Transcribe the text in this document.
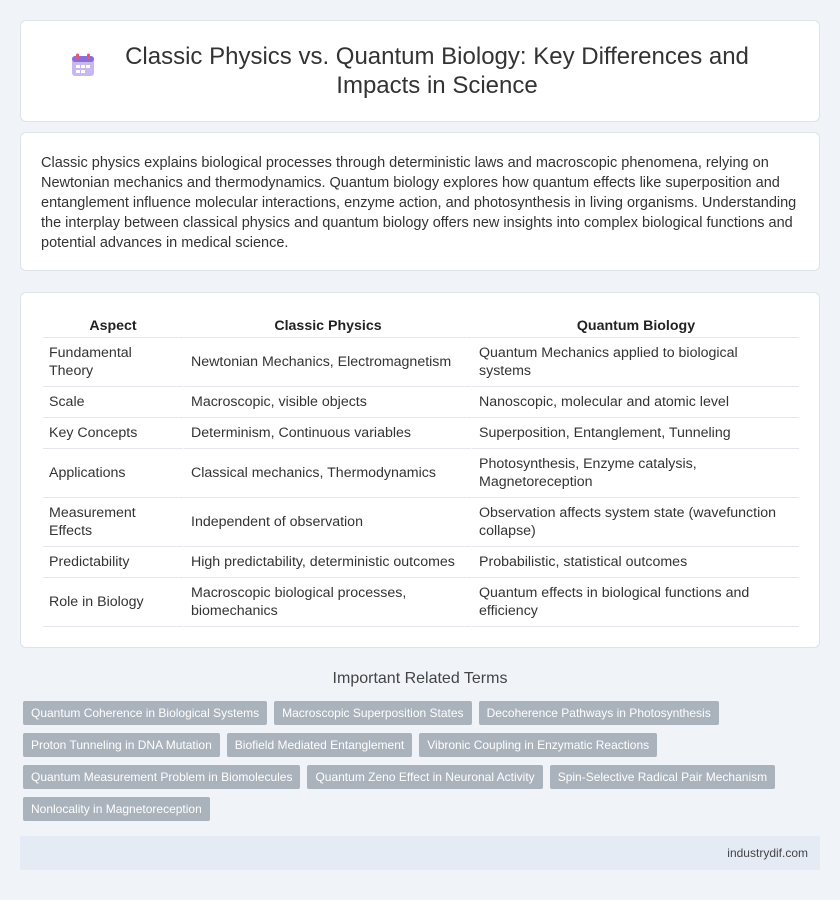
Classic Physics vs. Quantum Biology: Key Differences and Impacts in Science

Classic physics explains biological processes through deterministic laws and macroscopic phenomena, relying on Newtonian mechanics and thermodynamics. Quantum biology explores how quantum effects like superposition and entanglement influence molecular interactions, enzyme action, and photosynthesis in living organisms. Understanding the interplay between classical physics and quantum biology offers new insights into complex biological functions and potential advances in medical science.

Aspect	Classic Physics	Quantum Biology
Fundamental Theory	Newtonian Mechanics, Electromagnetism	Quantum Mechanics applied to biological systems
Scale	Macroscopic, visible objects	Nanoscopic, molecular and atomic level
Key Concepts	Determinism, Continuous variables	Superposition, Entanglement, Tunneling
Applications	Classical mechanics, Thermodynamics	Photosynthesis, Enzyme catalysis, Magnetoreception
Measurement Effects	Independent of observation	Observation affects system state (wavefunction collapse)
Predictability	High predictability, deterministic outcomes	Probabilistic, statistical outcomes
Role in Biology	Macroscopic biological processes, biomechanics	Quantum effects in biological functions and efficiency
Important Related Terms
Quantum Coherence in Biological Systems	Macroscopic Superposition States	Decoherence Pathways in Photosynthesis
Proton Tunneling in DNA Mutation	Biofield Mediated Entanglement	Vibronic Coupling in Enzymatic Reactions
Quantum Measurement Problem in Biomolecules	Quantum Zeno Effect in Neuronal Activity	Spin-Selective Radical Pair Mechanism
Nonlocality in Magnetoreception
industrydif.com
